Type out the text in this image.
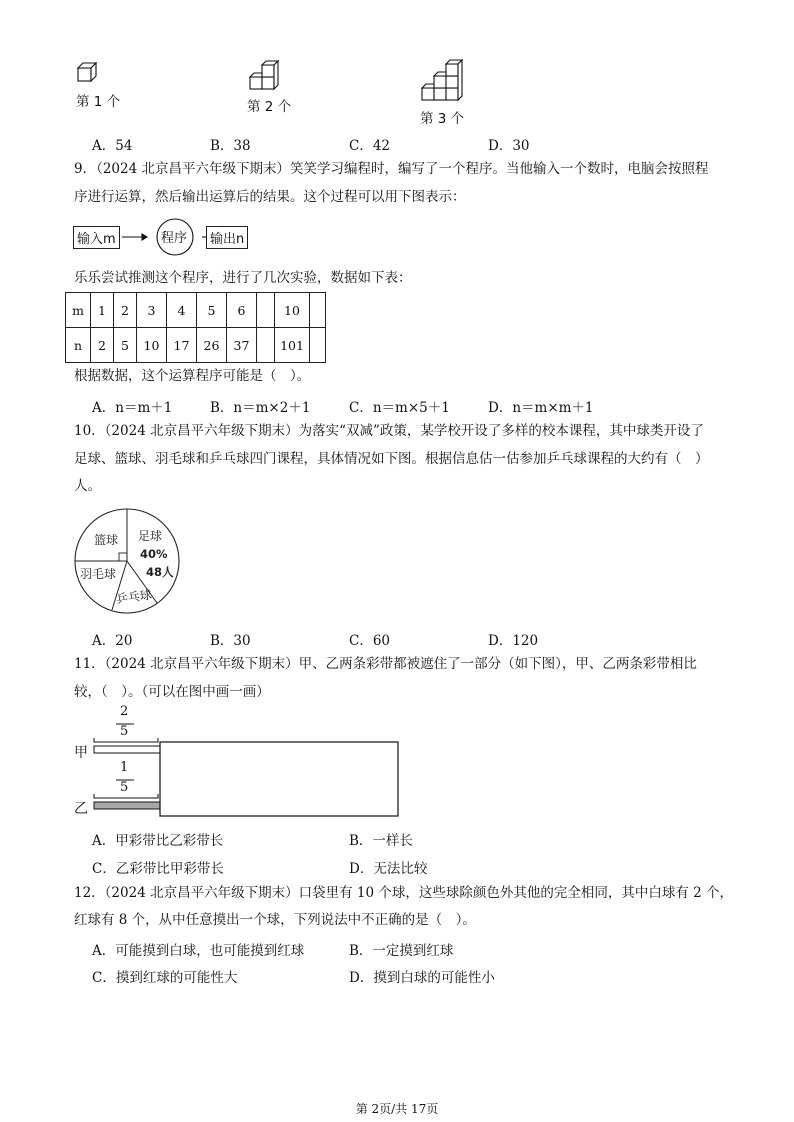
第 1 个	第 2 个
第 3 个
A．54	B．38	C．42	D．30
9．（2024 北京昌平六年级下期末）笑笑学习编程时，编写了一个程序。当他输入一个数时，电脑会按照程
序进行运算，然后输出运算后的结果。这个过程可以用下图表示：
输入m	程序	输出n
乐乐尝试推测这个程序，进行了几次实验，数据如下表：
m	1	2	3	4	5	6		10	
n	2	5	10	17	26	37		101	
根据数据，这个运算程序可能是（　）。
A．n＝m＋1	B．n＝m×2＋1	C．n＝m×5＋1	D．n＝m×m＋1
10．（2024 北京昌平六年级下期末）为落实“双减”政策，某学校开设了多样的校本课程，其中球类开设了
足球、篮球、羽毛球和乒乓球四门课程，具体情况如下图。根据信息估一估参加乒乓球课程的大约有（　）
人。
篮球 足球
40%
48人
羽毛球
乒乓球
A．20	B．30	C．60	D．120
11．（2024 北京昌平六年级下期末）甲、乙两条彩带都被遮住了一部分（如下图），甲、乙两条彩带相比
较，（　）。（可以在图中画一画）
2
5
1
5
甲
乙
A．甲彩带比乙彩带长	B．一样长
C．乙彩带比甲彩带长	D．无法比较
12．（2024 北京昌平六年级下期末）口袋里有 10 个球，这些球除颜色外其他的完全相同，其中白球有 2 个，
红球有 8 个，从中任意摸出一个球，下列说法中不正确的是（　）。
A．可能摸到白球，也可能摸到红球	B．一定摸到红球
C．摸到红球的可能性大	D．摸到白球的可能性小
第 2页/共 17页
